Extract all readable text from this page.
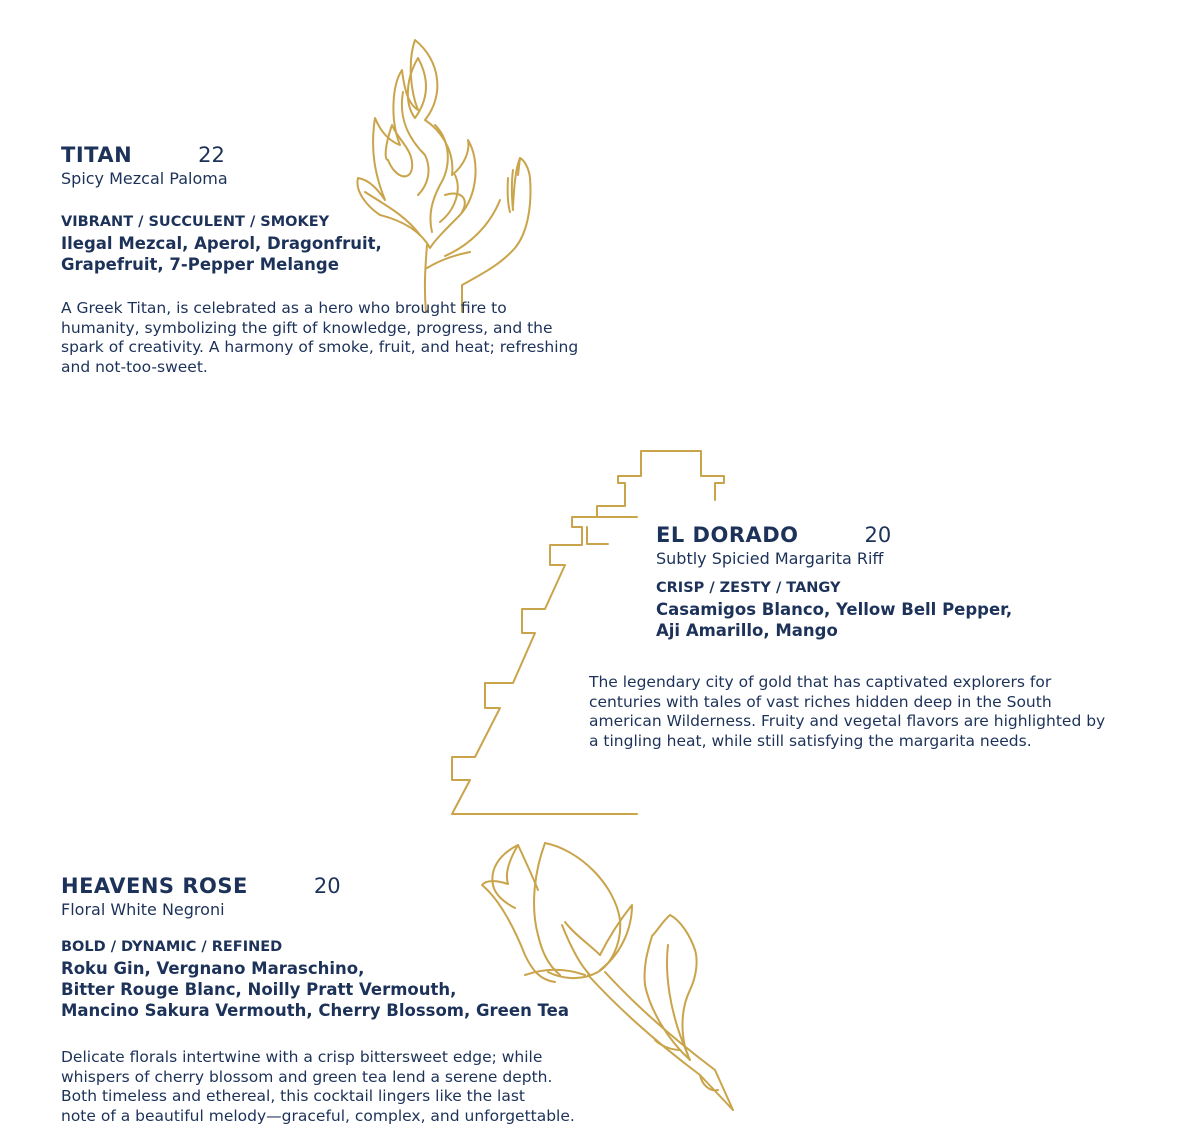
TITAN	22
Spicy Mezcal Paloma
VIBRANT / SUCCULENT / SMOKEY
Ilegal Mezcal, Aperol, Dragonfruit,
Grapefruit, 7-Pepper Melange
A Greek Titan, is celebrated as a hero who brought fire to
humanity, symbolizing the gift of knowledge, progress, and the
spark of creativity. A harmony of smoke, fruit, and heat; refreshing
and not-too-sweet.
EL DORADO	20
Subtly Spicied Margarita Riff
CRISP / ZESTY / TANGY
Casamigos Blanco, Yellow Bell Pepper,
Aji Amarillo, Mango
The legendary city of gold that has captivated explorers for
centuries with tales of vast riches hidden deep in the South
american Wilderness. Fruity and vegetal flavors are highlighted by
a tingling heat, while still satisfying the margarita needs.
HEAVENS ROSE	20
Floral White Negroni
BOLD / DYNAMIC / REFINED
Roku Gin, Vergnano Maraschino,
Bitter Rouge Blanc, Noilly Pratt Vermouth,
Mancino Sakura Vermouth, Cherry Blossom, Green Tea
Delicate florals intertwine with a crisp bittersweet edge; while
whispers of cherry blossom and green tea lend a serene depth.
Both timeless and ethereal, this cocktail lingers like the last
note of a beautiful melody—graceful, complex, and unforgettable.
